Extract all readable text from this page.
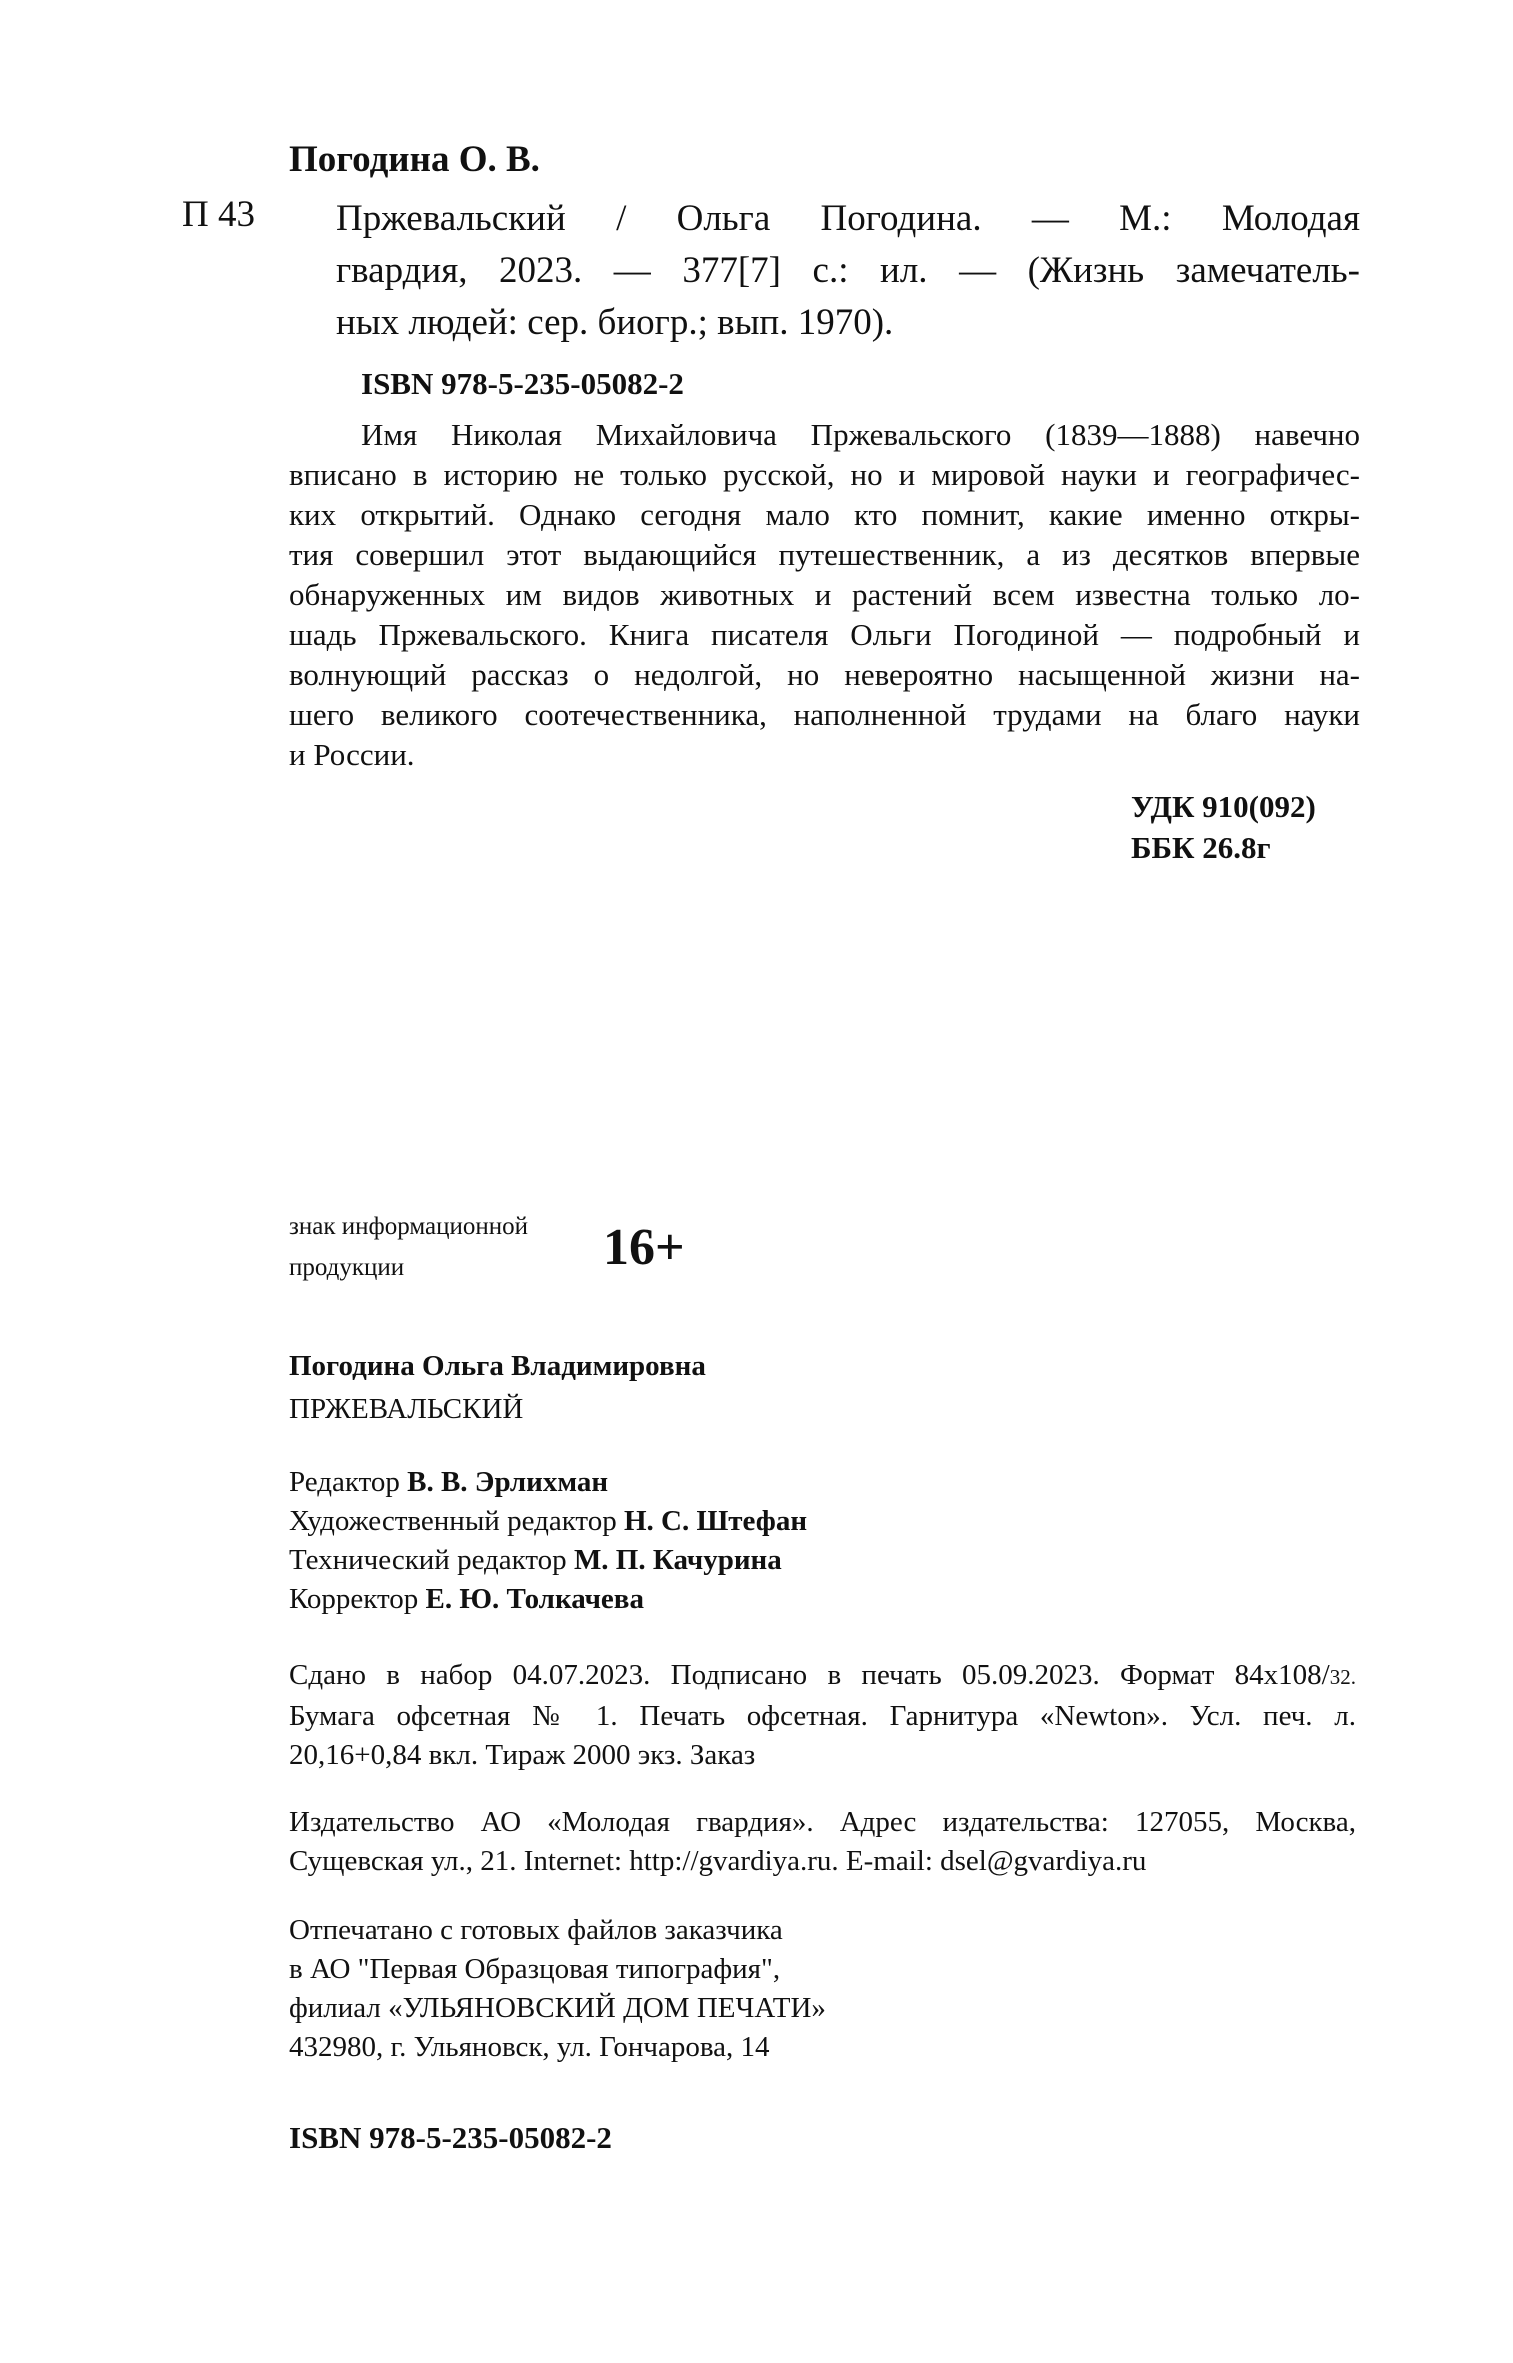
Погодина О. В.
П 43 Пржевальский / Ольга Погодина. — М.: Молодая
гвардия, 2023. — 377[7] с.: ил. — (Жизнь замечатель-
ных людей: сер. биогр.; вып. 1970).
ISBN 978-5-235-05082-2
Имя Николая Михайловича Пржевальского (1839—1888) навечно
вписано в историю не только русской, но и мировой науки и географичес-
ких открытий. Однако сегодня мало кто помнит, какие именно откры-
тия совершил этот выдающийся путешественник, а из десятков впервые
обнаруженных им видов животных и растений всем известна только ло-
шадь Пржевальского. Книга писателя Ольги Погодиной — подробный и
волнующий рассказ о недолгой, но невероятно насыщенной жизни на-
шего великого соотечественника, наполненной трудами на благо науки
и России.
УДК 910(092)
ББК 26.8г
знак информационной
продукции	16+
Погодина Ольга Владимировна
ПРЖЕВАЛЬСКИЙ
Редактор В. В. Эрлихман
Художественный редактор Н. С. Штефан
Технический редактор М. П. Качурина
Корректор Е. Ю. Толкачева
Сдано в набор 04.07.2023. Подписано в печать 05.09.2023. Формат 84х108/32.
Бумага офсетная № 1. Печать офсетная. Гарнитура «Newton». Усл. печ. л.
20,16+0,84 вкл. Тираж 2000 экз. Заказ
Издательство АО «Молодая гвардия». Адрес издательства: 127055, Москва,
Сущевская ул., 21. Internet: http://gvardiya.ru. E-mail: dsel@gvardiya.ru
Отпечатано с готовых файлов заказчика
в АО "Первая Образцовая типография",
филиал «УЛЬЯНОВСКИЙ ДОМ ПЕЧАТИ»
432980, г. Ульяновск, ул. Гончарова, 14
ISBN 978-5-235-05082-2
